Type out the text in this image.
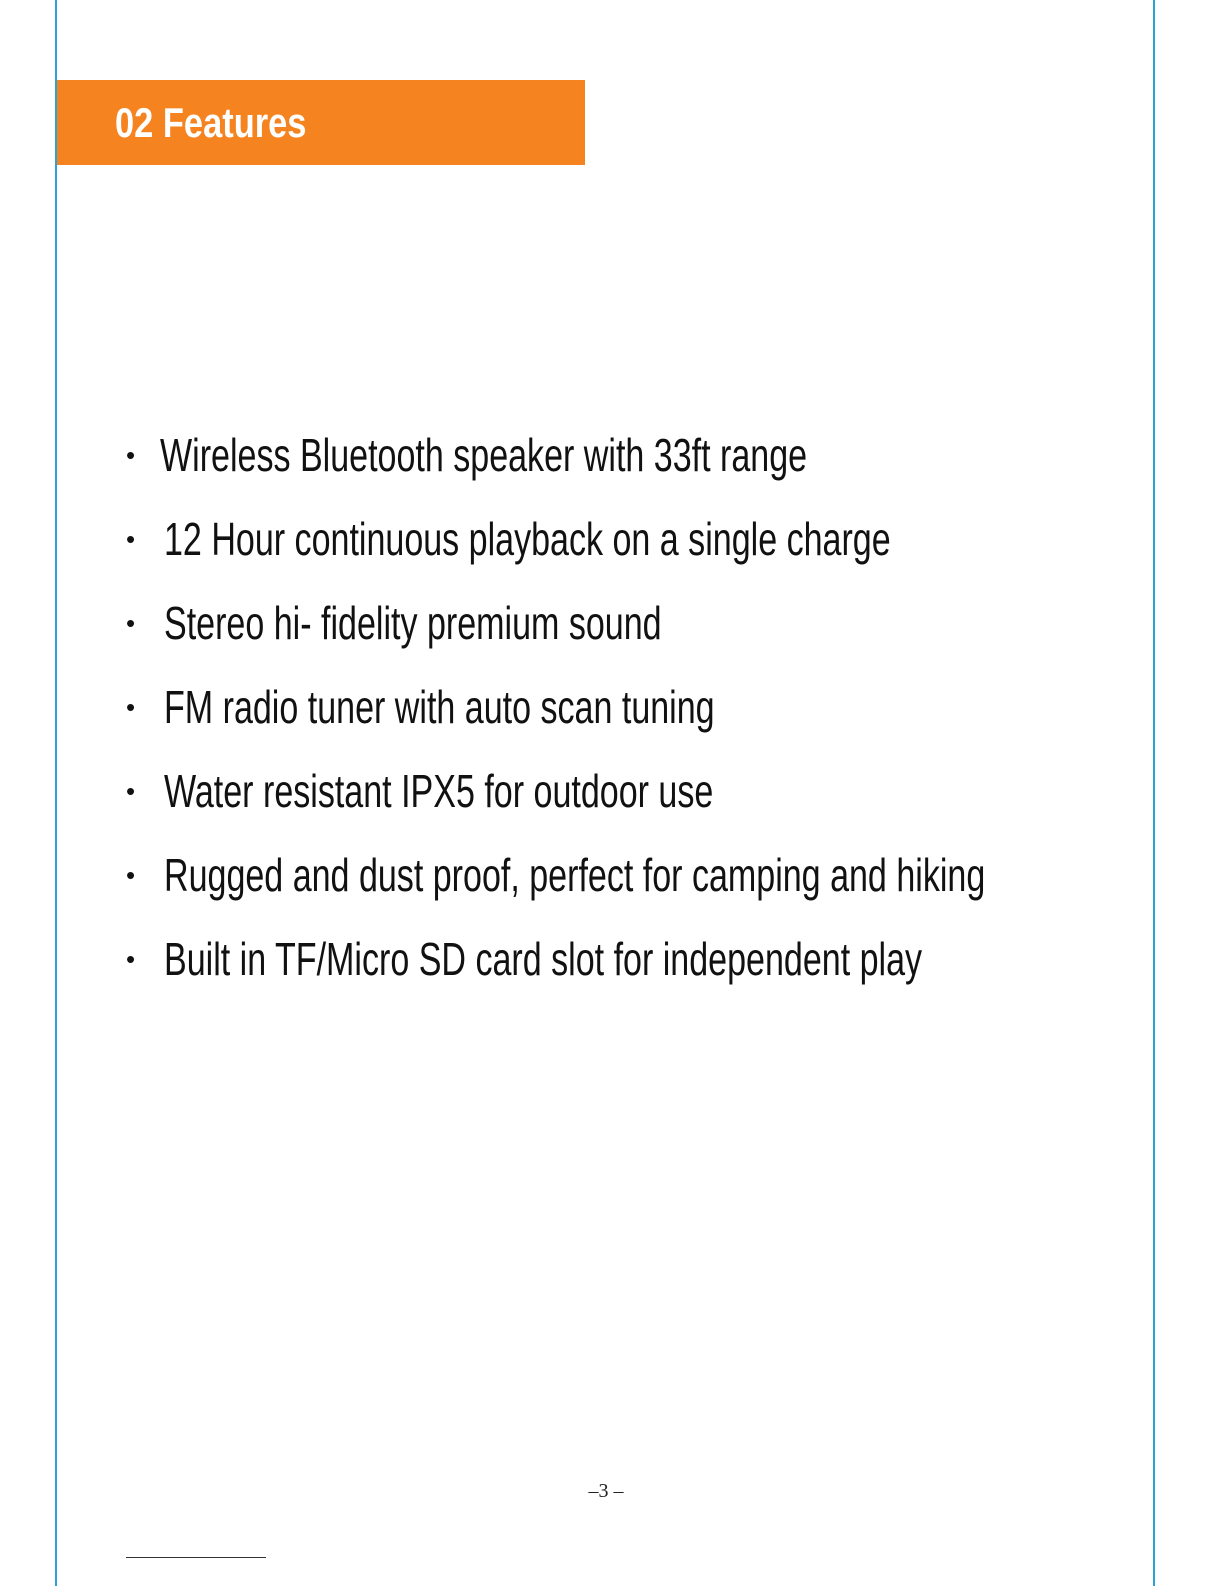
02 Features
• Wireless Bluetooth speaker with 33ft range
• 12 Hour continuous playback on a single charge
• Stereo hi- fidelity premium sound
• FM radio tuner with auto scan tuning
• Water resistant IPX5 for outdoor use
• Rugged and dust proof, perfect for camping and hiking
• Built in TF/Micro SD card slot for independent play
–3 –
